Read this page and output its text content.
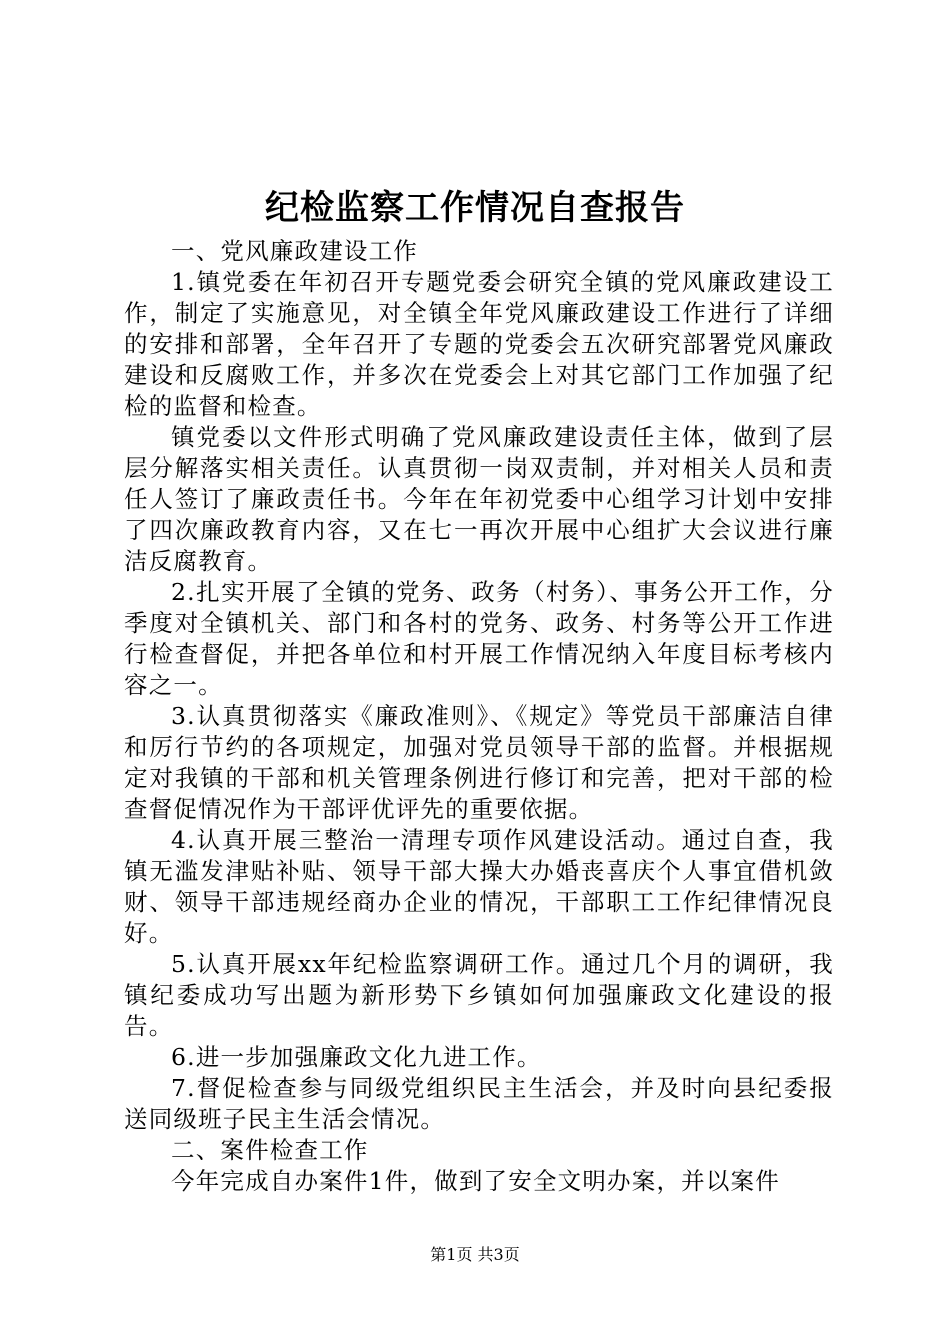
纪检监察工作情况自查报告

一、党风廉政建设工作

1.镇党委在年初召开专题党委会研究全镇的党风廉政建设工作，制定了实施意见，对全镇全年党风廉政建设工作进行了详细的安排和部署，全年召开了专题的党委会五次研究部署党风廉政建设和反腐败工作，并多次在党委会上对其它部门工作加强了纪检的监督和检查。

镇党委以文件形式明确了党风廉政建设责任主体，做到了层层分解落实相关责任。认真贯彻一岗双责制，并对相关人员和责任人签订了廉政责任书。今年在年初党委中心组学习计划中安排了四次廉政教育内容，又在七一再次开展中心组扩大会议进行廉洁反腐教育。

2.扎实开展了全镇的党务、政务（村务）、事务公开工作，分季度对全镇机关、部门和各村的党务、政务、村务等公开工作进行检查督促，并把各单位和村开展工作情况纳入年度目标考核内容之一。

3.认真贯彻落实《廉政准则》、《规定》等党员干部廉洁自律和厉行节约的各项规定，加强对党员领导干部的监督。并根据规定对我镇的干部和机关管理条例进行修订和完善，把对干部的检查督促情况作为干部评优评先的重要依据。

4.认真开展三整治一清理专项作风建设活动。通过自查，我镇无滥发津贴补贴、领导干部大操大办婚丧喜庆个人事宜借机敛财、领导干部违规经商办企业的情况，干部职工工作纪律情况良好。

5.认真开展xx年纪检监察调研工作。通过几个月的调研，我镇纪委成功写出题为新形势下乡镇如何加强廉政文化建设的报告。

6.进一步加强廉政文化九进工作。

7.督促检查参与同级党组织民主生活会，并及时向县纪委报送同级班子民主生活会情况。

二、案件检查工作

今年完成自办案件1件，做到了安全文明办案，并以案件

第1页 共3页
